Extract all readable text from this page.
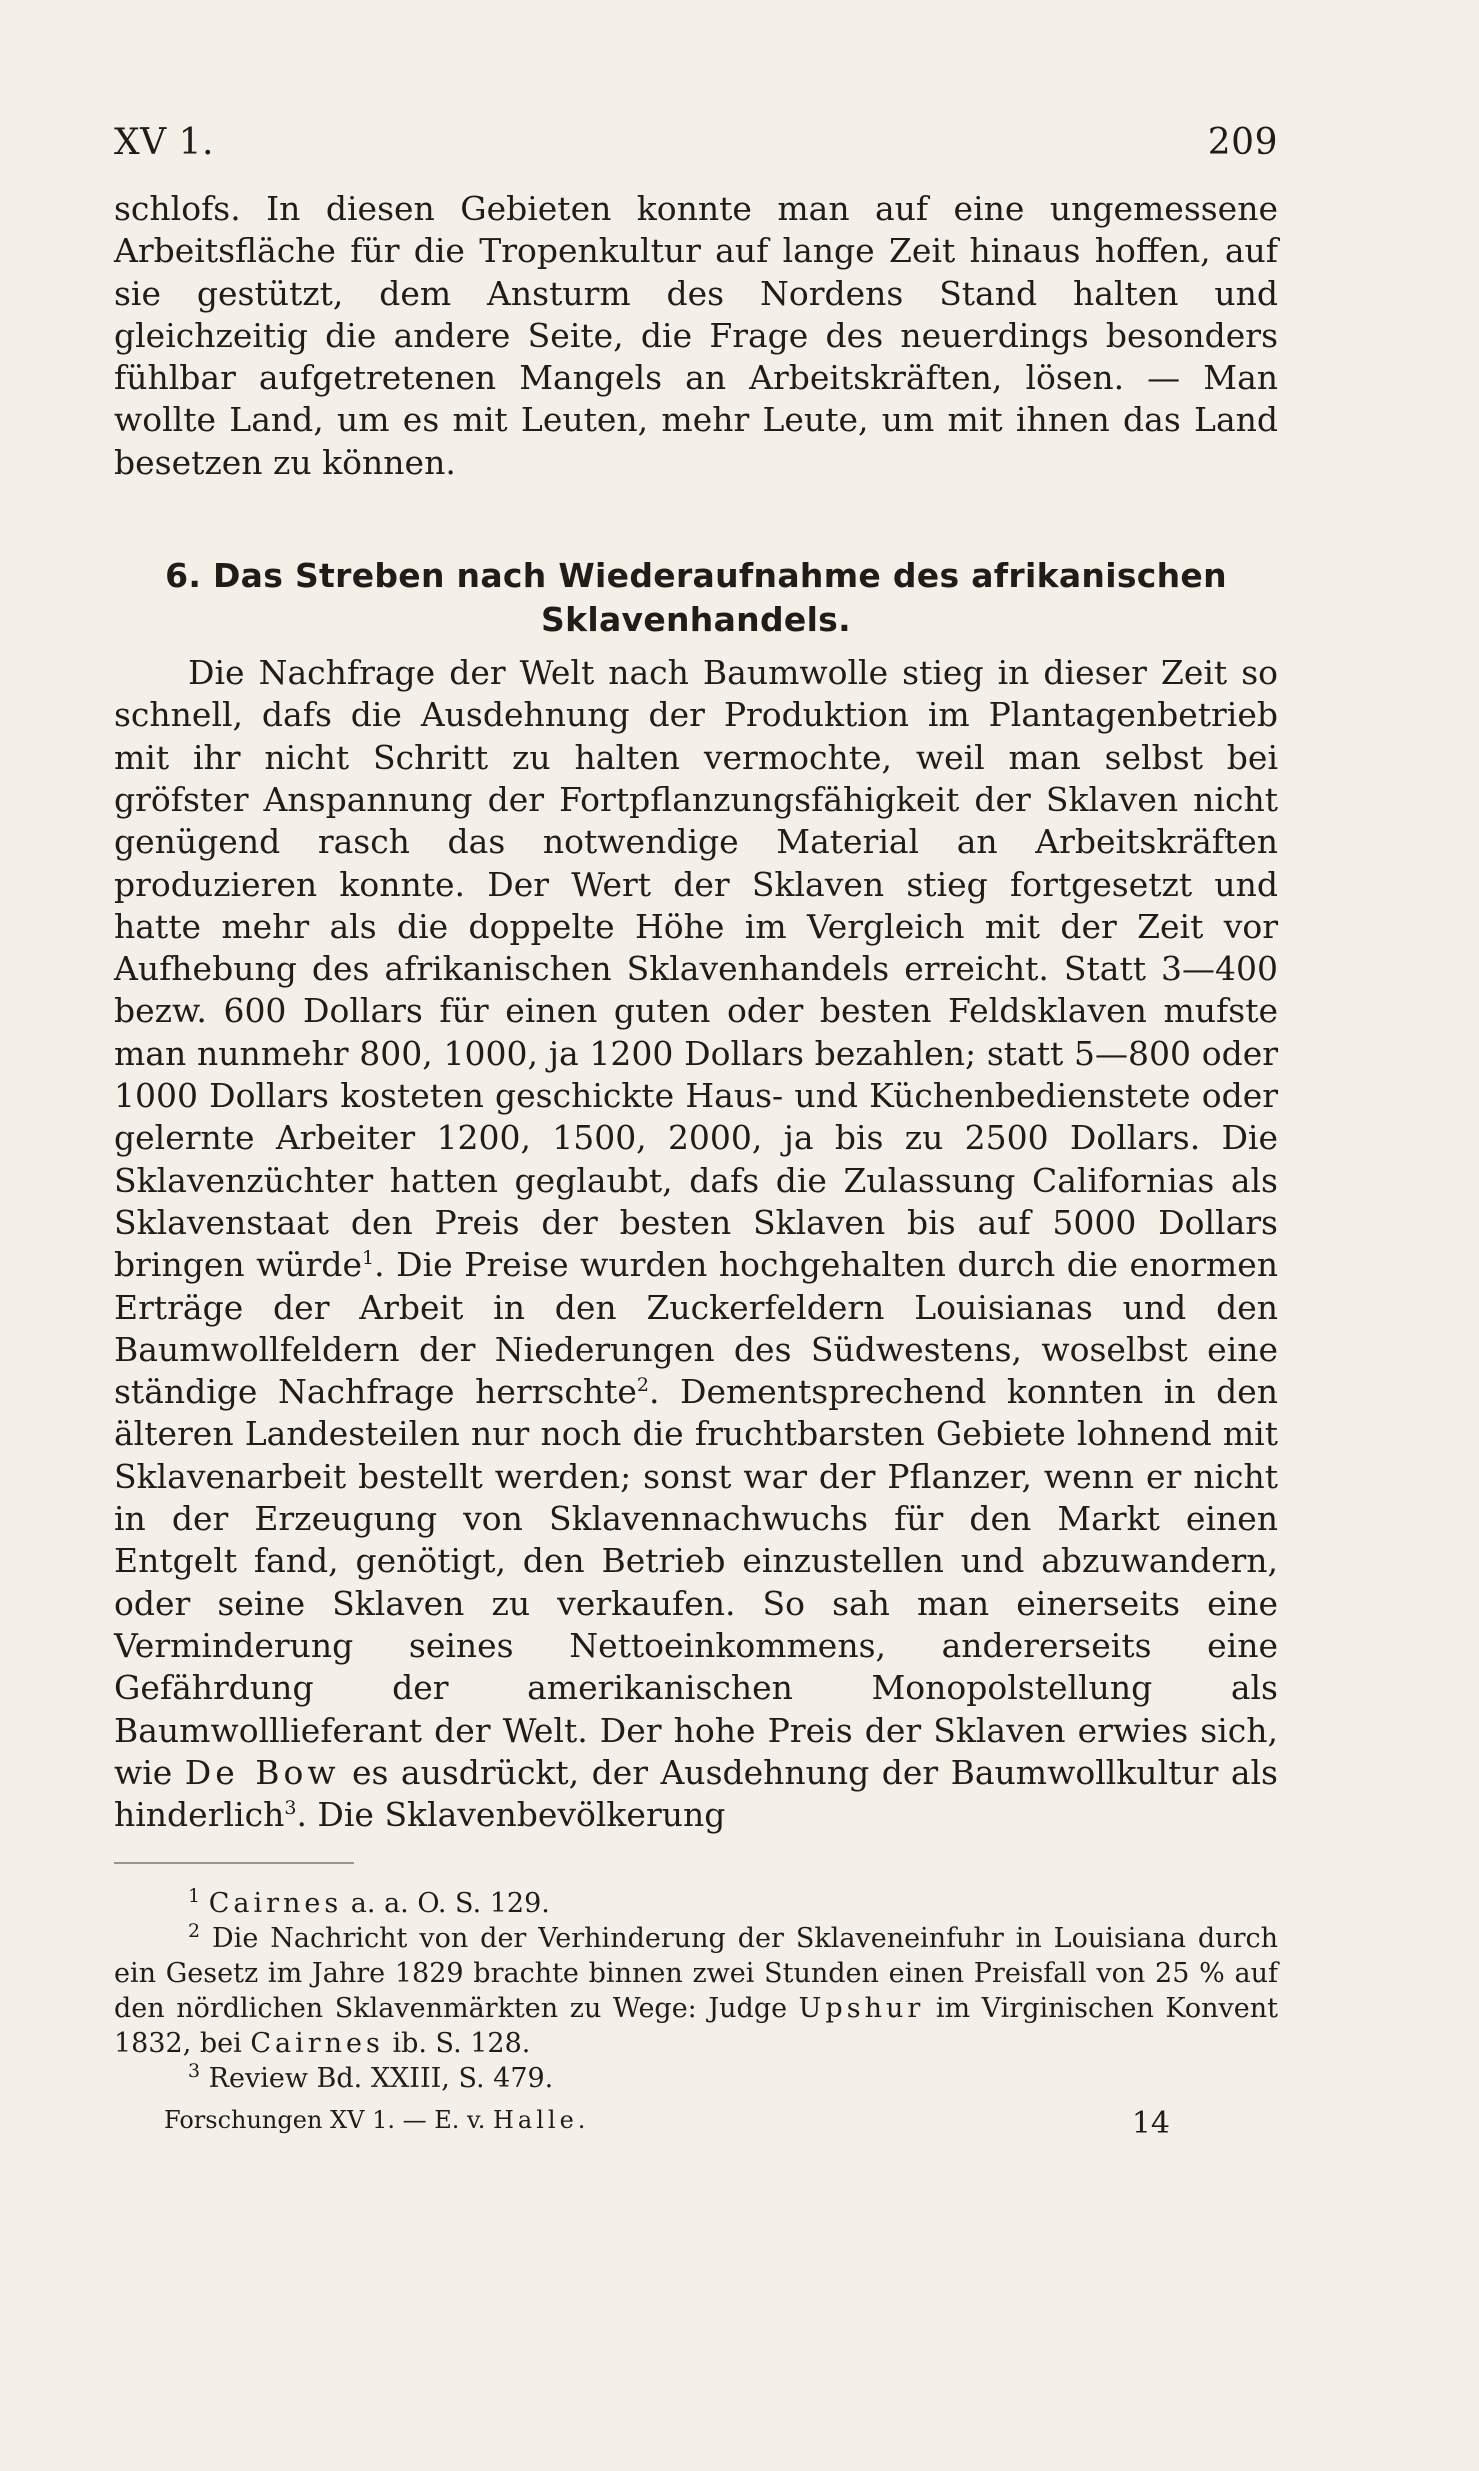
XV 1.	209

schlofs. In diesen Gebieten konnte man auf eine ungemessene Arbeitsfläche für die Tropenkultur auf lange Zeit hinaus hoffen, auf sie gestützt, dem Ansturm des Nordens Stand halten und gleichzeitig die andere Seite, die Frage des neuerdings besonders fühlbar aufgetretenen Mangels an Arbeitskräften, lösen. — Man wollte Land, um es mit Leuten, mehr Leute, um mit ihnen das Land besetzen zu können.

6. Das Streben nach Wiederaufnahme des afrikanischen
Sklavenhandels.

Die Nachfrage der Welt nach Baumwolle stieg in dieser Zeit so schnell, dafs die Ausdehnung der Produktion im Plantagenbetrieb mit ihr nicht Schritt zu halten vermochte, weil man selbst bei gröfster Anspannung der Fortpflanzungsfähigkeit der Sklaven nicht genügend rasch das notwendige Material an Arbeitskräften produzieren konnte. Der Wert der Sklaven stieg fortgesetzt und hatte mehr als die doppelte Höhe im Vergleich mit der Zeit vor Aufhebung des afrikanischen Sklavenhandels erreicht. Statt 3—400 bezw. 600 Dollars für einen guten oder besten Feldsklaven mufste man nunmehr 800, 1000, ja 1200 Dollars bezahlen; statt 5—800 oder 1000 Dollars kosteten geschickte Haus- und Küchenbedienstete oder gelernte Arbeiter 1200, 1500, 2000, ja bis zu 2500 Dollars. Die Sklavenzüchter hatten geglaubt, dafs die Zulassung Californias als Sklavenstaat den Preis der besten Sklaven bis auf 5000 Dollars bringen würde$^1$. Die Preise wurden hochgehalten durch die enormen Erträge der Arbeit in den Zuckerfeldern Louisianas und den Baumwollfeldern der Niederungen des Südwestens, woselbst eine ständige Nachfrage herrschte$^2$. Dementsprechend konnten in den älteren Landesteilen nur noch die fruchtbarsten Gebiete lohnend mit Sklavenarbeit bestellt werden; sonst war der Pflanzer, wenn er nicht in der Erzeugung von Sklavennachwuchs für den Markt einen Entgelt fand, genötigt, den Betrieb einzustellen und abzuwandern, oder seine Sklaven zu verkaufen. So sah man einerseits eine Verminderung seines Nettoeinkommens, andererseits eine Gefährdung der amerikanischen Monopolstellung als Baumwolllieferant der Welt. Der hohe Preis der Sklaven erwies sich, wie De Bow es ausdrückt, der Ausdehnung der Baumwollkultur als hinderlich$^3$. Die Sklavenbevölkerung

$^1$ Cairnes a. a. O. S. 129.

$^2$ Die Nachricht von der Verhinderung der Sklaveneinfuhr in Louisiana durch ein Gesetz im Jahre 1829 brachte binnen zwei Stunden einen Preisfall von 25 % auf den nördlichen Sklavenmärkten zu Wege: Judge Upshur im Virginischen Konvent 1832, bei Cairnes ib. S. 128.

$^3$ Review Bd. XXIII, S. 479.

Forschungen XV 1. — E. v. Halle.	14
